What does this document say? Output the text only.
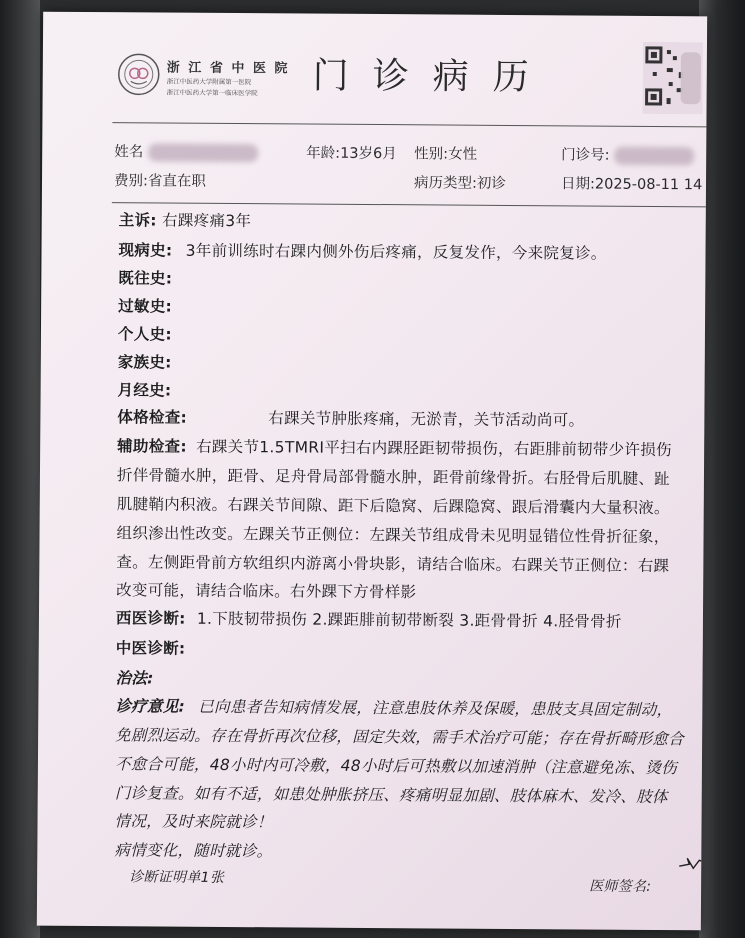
浙 江 省 中 医 院
浙江中医药大学附属第一医院
浙江中医药大学第一临床医学院 门诊病历
姓名	年龄:13岁6月 性别:女性	门诊号:
费别:省直在职	病历类型:初诊	日期:2025-08-11 14
主诉: 右踝疼痛3年
现病史: 3年前训练时右踝内侧外伤后疼痛，反复发作，今来院复诊。
既往史:
过敏史:
个人史:
家族史:
月经史:
体格检查:	右踝关节肿胀疼痛，无淤青，关节活动尚可。
辅助检查: 右踝关节1.5TMRI平扫右内踝胫距韧带损伤，右距腓前韧带少许损伤
折伴骨髓水肿，距骨、足舟骨局部骨髓水肿，距骨前缘骨折。右胫骨后肌腱、趾
肌腱鞘内积液。右踝关节间隙、距下后隐窝、后踝隐窝、跟后滑囊内大量积液。
组织渗出性改变。左踝关节正侧位：左踝关节组成骨未见明显错位性骨折征象，
查。左侧距骨前方软组织内游离小骨块影，请结合临床。右踝关节正侧位：右踝
改变可能，请结合临床。右外踝下方骨样影
西医诊断: 1.下肢韧带损伤 2.踝距腓前韧带断裂 3.距骨骨折 4.胫骨骨折
中医诊断:
治法:
诊疗意见: 已向患者告知病情发展，注意患肢休养及保暖，患肢支具固定制动，
免剧烈运动。存在骨折再次位移，固定失效，需手术治疗可能；存在骨折畸形愈合
不愈合可能，48小时内可冷敷，48小时后可热敷以加速消肿（注意避免冻、烫伤
门诊复查。如有不适，如患处肿胀挤压、疼痛明显加剧、肢体麻木、发冷、肢体
情况，及时来院就诊！
病情变化，随时就诊。
诊断证明单1张
医师签名:
